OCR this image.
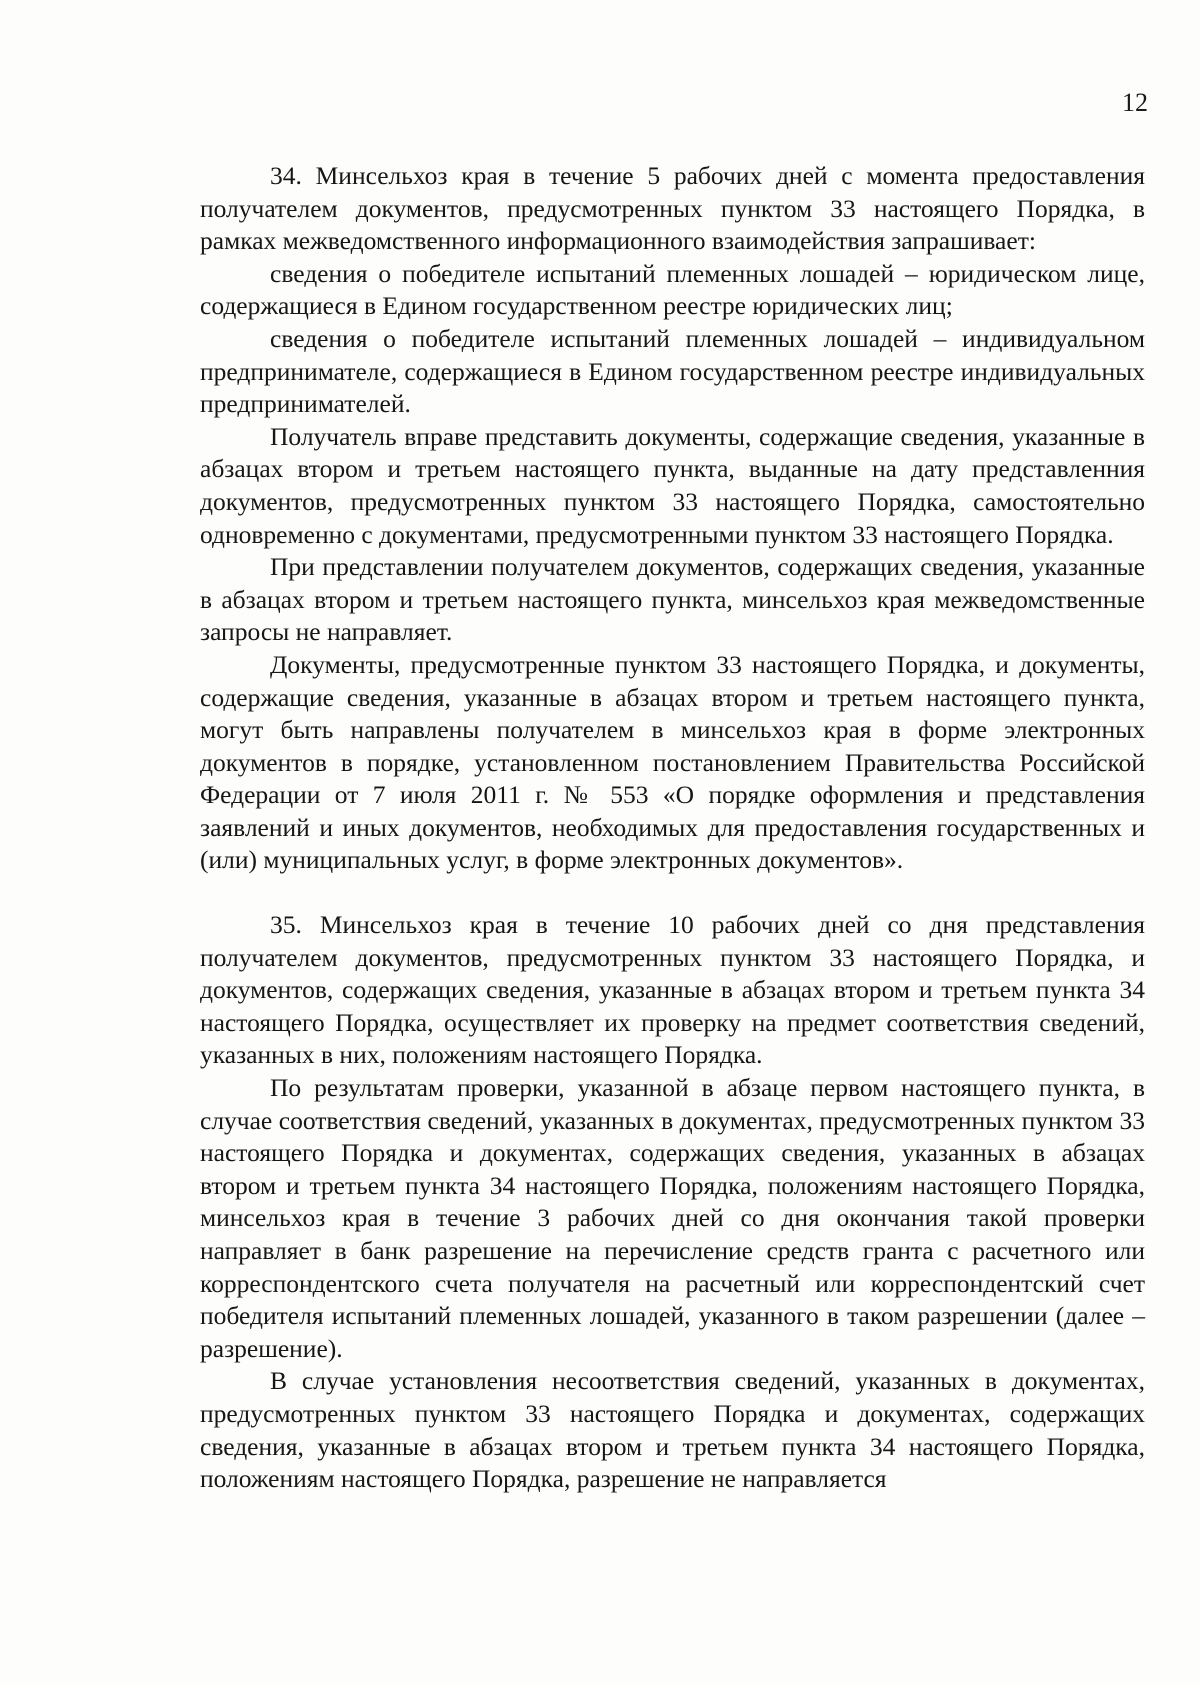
12

34. Минсельхоз края в течение 5 рабочих дней с момента предоставления получателем документов, предусмотренных пунктом 33 настоящего Порядка, в рамках межведомственного информационного взаимодействия запрашивает:

сведения о победителе испытаний племенных лошадей – юридическом лице, содержащиеся в Едином государственном реестре юридических лиц;

сведения о победителе испытаний племенных лошадей – индивидуальном предпринимателе, содержащиеся в Едином государственном реестре индивидуальных предпринимателей.

Получатель вправе представить документы, содержащие сведения, указанные в абзацах втором и третьем настоящего пункта, выданные на дату представленния документов, предусмотренных пунктом 33 настоящего Порядка, самостоятельно одновременно с документами, предусмотренными пунктом 33 настоящего Порядка.

При представлении получателем документов, содержащих сведения, указанные в абзацах втором и третьем настоящего пункта, минсельхоз края межведомственные запросы не направляет.

Документы, предусмотренные пунктом 33 настоящего Порядка, и документы, содержащие сведения, указанные в абзацах втором и третьем настоящего пункта, могут быть направлены получателем в минсельхоз края в форме электронных документов в порядке, установленном постановлением Правительства Российской Федерации от 7 июля 2011 г. № 553 «О порядке оформления и представления заявлений и иных документов, необходимых для предоставления государственных и (или) муниципальных услуг, в форме электронных документов».

35. Минсельхоз края в течение 10 рабочих дней со дня представления получателем документов, предусмотренных пунктом 33 настоящего Порядка, и документов, содержащих сведения, указанные в абзацах втором и третьем пункта 34 настоящего Порядка, осуществляет их проверку на предмет соответствия сведений, указанных в них, положениям настоящего Порядка.

По результатам проверки, указанной в абзаце первом настоящего пункта, в случае соответствия сведений, указанных в документах, предусмотренных пунктом 33 настоящего Порядка и документах, содержащих сведения, указанных в абзацах втором и третьем пункта 34 настоящего Порядка, положениям настоящего Порядка, минсельхоз края в течение 3 рабочих дней со дня окончания такой проверки направляет в банк разрешение на перечисление средств гранта с расчетного или корреспондентского счета получателя на расчетный или корреспондентский счет победителя испытаний племенных лошадей, указанного в таком разрешении (далее – разрешение).

В случае установления несоответствия сведений, указанных в документах, предусмотренных пунктом 33 настоящего Порядка и документах, содержащих сведения, указанные в абзацах втором и третьем пункта 34 настоящего Порядка, положениям настоящего Порядка, разрешение не направляется
